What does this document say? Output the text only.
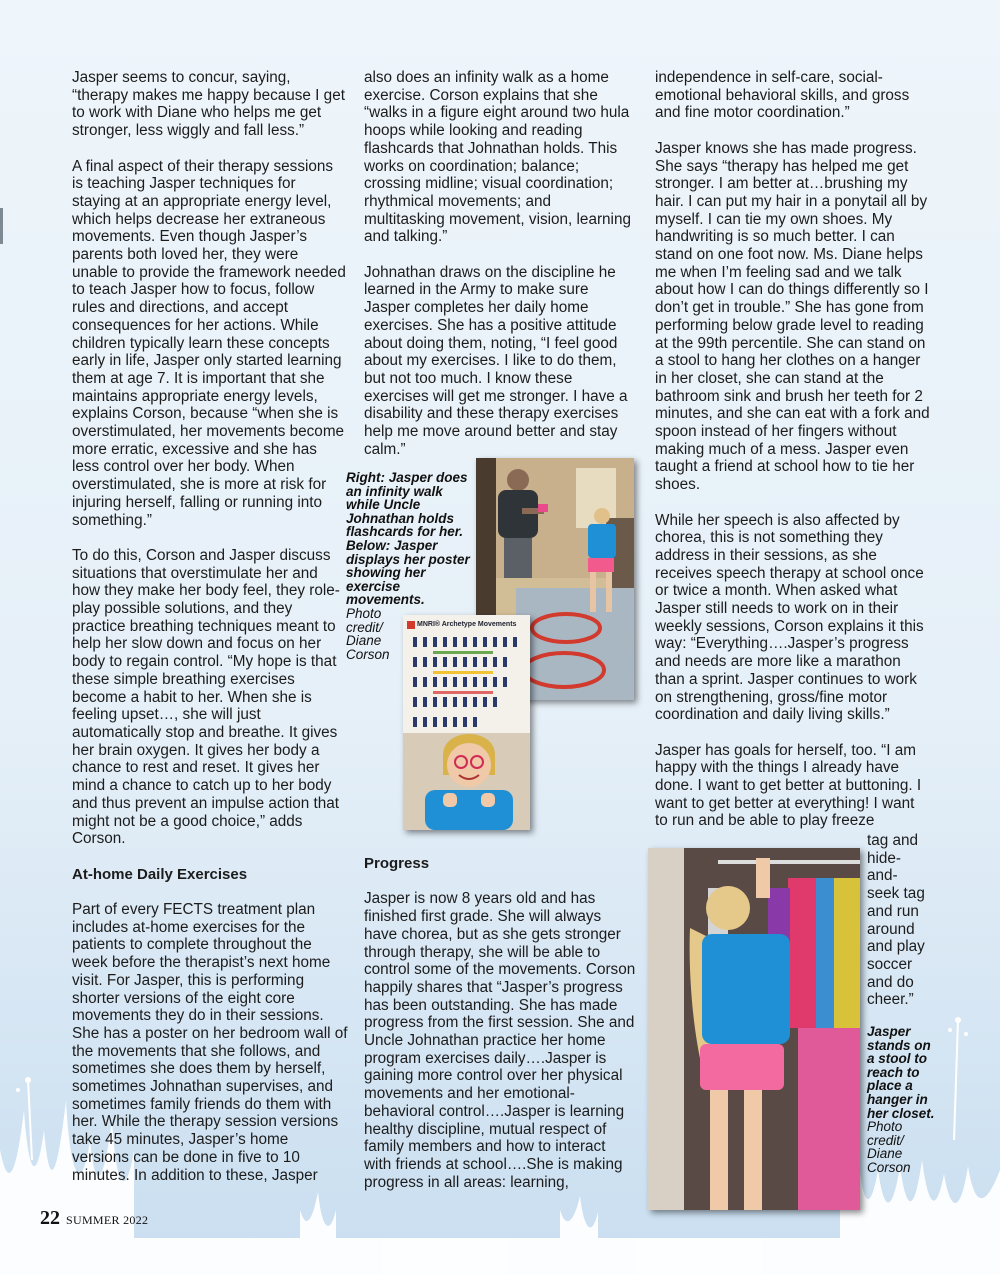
Jasper seems to concur, saying, “therapy makes me happy because I get to work with Diane who helps me get stronger, less wiggly and fall less.”

A final aspect of their therapy sessions is teaching Jasper techniques for staying at an appropriate energy level, which helps decrease her extraneous movements. Even though Jasper’s parents both loved her, they were unable to provide the framework needed to teach Jasper how to focus, follow rules and directions, and accept consequences for her actions. While children typically learn these concepts early in life, Jasper only started learning them at age 7. It is important that she maintains appropriate energy levels, explains Corson, because “when she is overstimulated, her movements become more erratic, excessive and she has less control over her body. When overstimulated, she is more at risk for injuring herself, falling or running into something.”

To do this, Corson and Jasper discuss situations that overstimulate her and how they make her body feel, they role-play possible solutions, and they practice breathing techniques meant to help her slow down and focus on her body to regain control. “My hope is that these simple breathing exercises become a habit to her. When she is feeling upset…, she will just automatically stop and breathe. It gives her brain oxygen. It gives her body a chance to rest and reset. It gives her mind a chance to catch up to her body and thus prevent an impulse action that might not be a good choice,” adds Corson.

At-home Daily Exercises

Part of every FECTS treatment plan includes at-home exercises for the patients to complete throughout the week before the therapist’s next home visit. For Jasper, this is performing shorter versions of the eight core movements they do in their sessions. She has a poster on her bedroom wall of the movements that she follows, and sometimes she does them by herself, sometimes Johnathan supervises, and sometimes family friends do them with her. While the therapy session versions take 45 minutes, Jasper’s home versions can be done in five to 10 minutes. In addition to these, Jasper

also does an infinity walk as a home exercise. Corson explains that she “walks in a figure eight around two hula hoops while looking and reading flashcards that Johnathan holds. This works on coordination; balance; crossing midline; visual coordination; rhythmical movements; and multitasking movement, vision, learning and talking.”

Johnathan draws on the discipline he learned in the Army to make sure Jasper completes her daily home exercises. She has a positive attitude about doing them, noting, “I feel good about my exercises. I like to do them, but not too much. I know these exercises will get me stronger. I have a disability and these therapy exercises help me move around better and stay calm.”

Progress

Jasper is now 8 years old and has finished first grade. She will always have chorea, but as she gets stronger through therapy, she will be able to control some of the movements. Corson happily shares that “Jasper’s progress has been outstanding. She has made progress from the first session. She and Uncle Johnathan practice her home program exercises daily….Jasper is gaining more control over her physical movements and her emotional-behavioral control….Jasper is learning healthy discipline, mutual respect of family members and how to interact with friends at school….She is making progress in all areas: learning,

independence in self-care, social-emotional behavioral skills, and gross and fine motor coordination.”

Jasper knows she has made progress. She says “therapy has helped me get stronger. I am better at…brushing my hair. I can put my hair in a ponytail all by myself. I can tie my own shoes. My handwriting is so much better. I can stand on one foot now. Ms. Diane helps me when I’m feeling sad and we talk about how I can do things differently so I don’t get in trouble.” She has gone from performing below grade level to reading at the 99th percentile. She can stand on a stool to hang her clothes on a hanger in her closet, she can stand at the bathroom sink and brush her teeth for 2 minutes, and she can eat with a fork and spoon instead of her fingers without making much of a mess. Jasper even taught a friend at school how to tie her shoes.

While her speech is also affected by chorea, this is not something they address in their sessions, as she receives speech therapy at school once or twice a month. When asked what Jasper still needs to work on in their weekly sessions, Corson explains it this way: “Everything….Jasper’s progress and needs are more like a marathon than a sprint. Jasper continues to work on strengthening, gross/fine motor coordination and daily living skills.”

Jasper has goals for herself, too. “I am happy with the things I already have done. I want to get better at buttoning. I want to get better at everything! I want to run and be able to play freeze

tag and
hide-
and-
seek tag
and run
around
and play
soccer
and do
cheer.”
MNRI® Archetype Movements
Right: Jasper does an infinity walk while Uncle Johnathan holds flashcards for her. Below: Jasper displays her poster showing her exercise movements.
Photo credit/ Diane Corson
Jasper stands on a stool to reach to place a hanger in her closet.
Photo credit/ Diane Corson
22 SUMMER 2022
